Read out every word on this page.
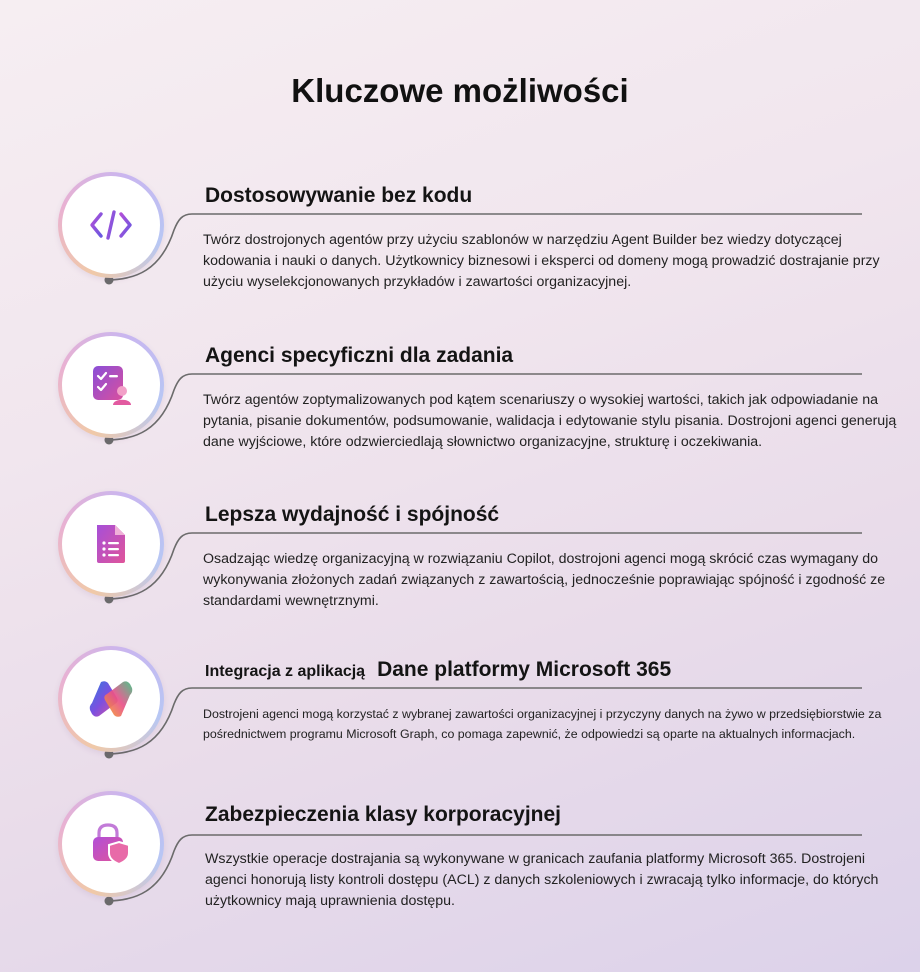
Kluczowe możliwości
Dostosowywanie bez kodu

Twórz dostrojonych agentów przy użyciu szablonów w narzędziu Agent Builder bez wiedzy dotyczącej kodowania i nauki o danych. Użytkownicy biznesowi i eksperci od domeny mogą prowadzić dostrajanie przy użyciu wyselekcjonowanych przykładów i zawartości organizacyjnej.

Agenci specyficzni dla zadania

Twórz agentów zoptymalizowanych pod kątem scenariuszy o wysokiej wartości, takich jak odpowiadanie na pytania, pisanie dokumentów, podsumowanie, walidacja i edytowanie stylu pisania. Dostrojoni agenci generują dane wyjściowe, które odzwierciedlają słownictwo organizacyjne, strukturę i oczekiwania.

Lepsza wydajność i spójność

Osadzając wiedzę organizacyjną w rozwiązaniu Copilot, dostrojoni agenci mogą skrócić czas wymagany do wykonywania złożonych zadań związanych z zawartością, jednocześnie poprawiając spójność i zgodność ze standardami wewnętrznymi.

Integracja z aplikacją Dane platformy Microsoft 365

Dostrojeni agenci mogą korzystać z wybranej zawartości organizacyjnej i przyczyny danych na żywo w przedsiębiorstwie za pośrednictwem programu Microsoft Graph, co pomaga zapewnić, że odpowiedzi są oparte na aktualnych informacjach.

Zabezpieczenia klasy korporacyjnej

Wszystkie operacje dostrajania są wykonywane w granicach zaufania platformy Microsoft 365. Dostrojeni agenci honorują listy kontroli dostępu (ACL) z danych szkoleniowych i zwracają tylko informacje, do których użytkownicy mają uprawnienia dostępu.
